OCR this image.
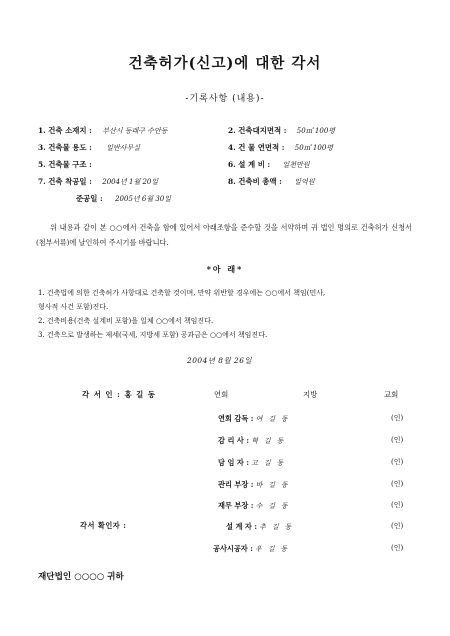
건축허가(신고)에 대한 각서
-기록사항 (내용)-
1. 건축 소재지 : 부산시 동래구 수안동	2. 건축대지면적 : 50㎡ 100평
3. 건축물 용도 : 일반사무실	4. 건 물 연면적 : 50㎡ 100평
5. 건축물 구조 :	6. 설 계 비 : 일천만원
7. 건축 착공일 : 2004년 1월 20일	8. 건축비 총액 : 일억원
준공일 : 2005년 6월 30일
위 내용과 같이 본 ○○에서 건축을 함에 있어서 아래조항을 준수할 것을 서약하며 귀 법인 명의로 건축허가 신청서(첨부서류)에 날인하여 주시기를 바랍니다.
*아 래*
1. 건축법에 의한 건축허가 사항대로 건축할 것이며, 만약 위반할 경우에는 ○○에서 책임(민사,
형사적 사건 포함)진다.
2. 건축비용(건축 설계비 포함)을 일체 ○○에서 책임진다.
3. 건축으로 발생하는 제세(국세, 지방세 포함) 공과금은 ○○에서 책임진다.
2004년 8월 26일
각 서 인 : 홍 길 동	연회	지방	교회
연회 감독 : 여 길 동	(인)
감 리 사 : 혁 길 동	(인)
담 임 자 : 고 길 동	(인)
관리 부장 : 바 길 동	(인)
재무 부장 : 수 길 동	(인)
각서 확인자 :	설 계 자 : 추 길 동	(인)
공사시공자 : 우 길 동	(인)
재단법인 ○○○○ 귀하
